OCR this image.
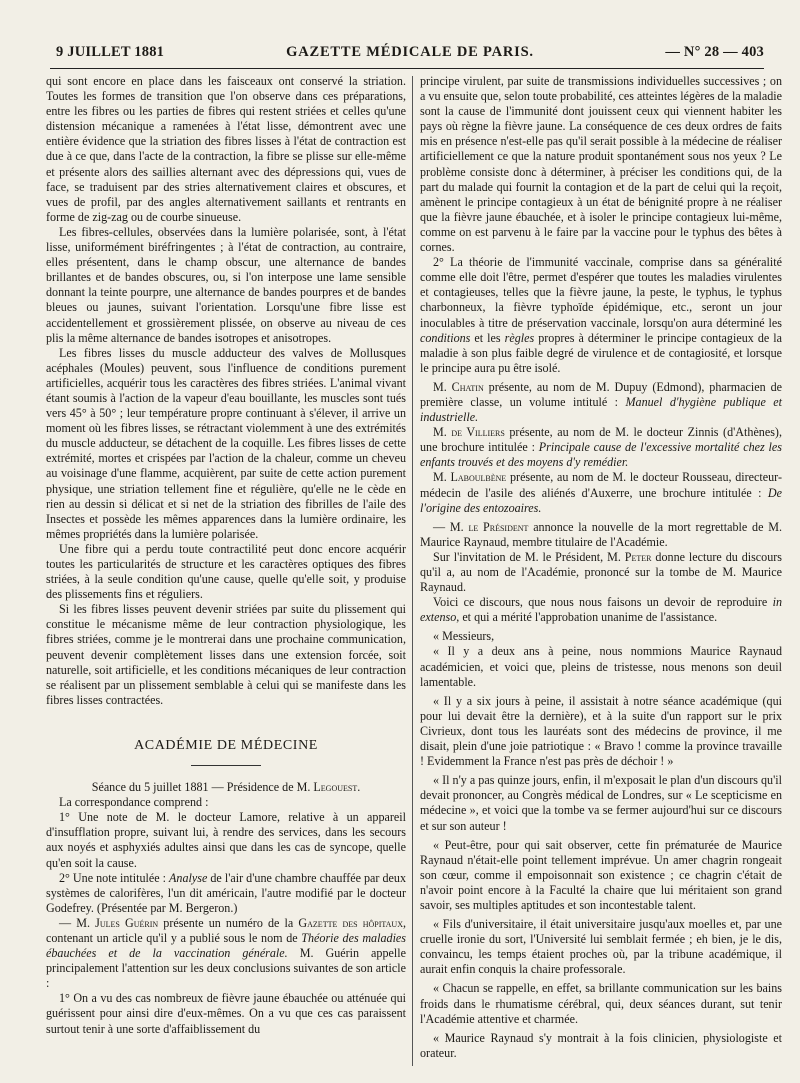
9 JUILLET 1881	GAZETTE MÉDICALE DE PARIS.	— N° 28 — 403

qui sont encore en place dans les faisceaux ont conservé la striation. Toutes les formes de transition que l'on observe dans ces préparations, entre les fibres ou les parties de fibres qui restent striées et celles qu'une distension mécanique a ramenées à l'état lisse, démontrent avec une entière évidence que la striation des fibres lisses à l'état de contraction est due à ce que, dans l'acte de la contraction, la fibre se plisse sur elle-même et présente alors des saillies alternant avec des dépressions qui, vues de face, se traduisent par des stries alternativement claires et obscures, et vues de profil, par des angles alternativement saillants et rentrants en forme de zig-zag ou de courbe sinueuse.

Les fibres-cellules, observées dans la lumière polarisée, sont, à l'état lisse, uniformément biréfringentes ; à l'état de contraction, au contraire, elles présentent, dans le champ obscur, une alternance de bandes brillantes et de bandes obscures, ou, si l'on interpose une lame sensible donnant la teinte pourpre, une alternance de bandes pourpres et de bandes bleues ou jaunes, suivant l'orientation. Lorsqu'une fibre lisse est accidentellement et grossièrement plissée, on observe au niveau de ces plis la même alternance de bandes isotropes et anisotropes.

Les fibres lisses du muscle adducteur des valves de Mollusques acéphales (Moules) peuvent, sous l'influence de conditions purement artificielles, acquérir tous les caractères des fibres striées. L'animal vivant étant soumis à l'action de la vapeur d'eau bouillante, les muscles sont tués vers 45° à 50° ; leur température propre continuant à s'élever, il arrive un moment où les fibres lisses, se rétractant violemment à une des extrémités du muscle adducteur, se détachent de la coquille. Les fibres lisses de cette extrémité, mortes et crispées par l'action de la chaleur, comme un cheveu au voisinage d'une flamme, acquièrent, par suite de cette action purement physique, une striation tellement fine et régulière, qu'elle ne le cède en rien au dessin si délicat et si net de la striation des fibrilles de l'aile des Insectes et possède les mêmes apparences dans la lumière ordinaire, les mêmes propriétés dans la lumière polarisée.

Une fibre qui a perdu toute contractilité peut donc encore acquérir toutes les particularités de structure et les caractères optiques des fibres striées, à la seule condition qu'une cause, quelle qu'elle soit, y produise des plissements fins et réguliers.

Si les fibres lisses peuvent devenir striées par suite du plissement qui constitue le mécanisme même de leur contraction physiologique, les fibres striées, comme je le montrerai dans une prochaine communication, peuvent devenir complètement lisses dans une extension forcée, soit naturelle, soit artificielle, et les conditions mécaniques de leur contraction se réalisent par un plissement semblable à celui qui se manifeste dans les fibres lisses contractées.

ACADÉMIE DE MÉDECINE

Séance du 5 juillet 1881 — Présidence de M. Legouest.

La correspondance comprend :

1° Une note de M. le docteur Lamore, relative à un appareil d'insufflation propre, suivant lui, à rendre des services, dans les secours aux noyés et asphyxiés adultes ainsi que dans les cas de syncope, quelle qu'en soit la cause.

2° Une note intitulée : Analyse de l'air d'une chambre chauffée par deux systèmes de calorifères, l'un dit américain, l'autre modifié par le docteur Godefrey. (Présentée par M. Bergeron.)

— M. Jules Guérin présente un numéro de la Gazette des hôpitaux, contenant un article qu'il y a publié sous le nom de Théorie des maladies ébauchées et de la vaccination générale. M. Guérin appelle principalement l'attention sur les deux conclusions suivantes de son article :

1° On a vu des cas nombreux de fièvre jaune ébauchée ou atténuée qui guérissent pour ainsi dire d'eux-mêmes. On a vu que ces cas paraissent surtout tenir à une sorte d'affaiblissement du

principe virulent, par suite de transmissions individuelles successives ; on a vu ensuite que, selon toute probabilité, ces atteintes légères de la maladie sont la cause de l'immunité dont jouissent ceux qui viennent habiter les pays où règne la fièvre jaune. La conséquence de ces deux ordres de faits mis en présence n'est-elle pas qu'il serait possible à la médecine de réaliser artificiellement ce que la nature produit spontanément sous nos yeux ? Le problème consiste donc à déterminer, à préciser les conditions qui, de la part du malade qui fournit la contagion et de la part de celui qui la reçoit, amènent le principe contagieux à un état de bénignité propre à ne réaliser que la fièvre jaune ébauchée, et à isoler le principe contagieux lui-même, comme on est parvenu à le faire par la vaccine pour le typhus des bêtes à cornes.

2° La théorie de l'immunité vaccinale, comprise dans sa généralité comme elle doit l'être, permet d'espérer que toutes les maladies virulentes et contagieuses, telles que la fièvre jaune, la peste, le typhus, le typhus charbonneux, la fièvre typhoïde épidémique, etc., seront un jour inoculables à titre de préservation vaccinale, lorsqu'on aura déterminé les conditions et les règles propres à déterminer le principe contagieux de la maladie à son plus faible degré de virulence et de contagiosité, et lorsque le principe aura pu être isolé.

M. Chatin présente, au nom de M. Dupuy (Edmond), pharmacien de première classe, un volume intitulé : Manuel d'hygiène publique et industrielle.

M. de Villiers présente, au nom de M. le docteur Zinnis (d'Athènes), une brochure intitulée : Principale cause de l'excessive mortalité chez les enfants trouvés et des moyens d'y remédier.

M. Laboulbène présente, au nom de M. le docteur Rousseau, directeur-médecin de l'asile des aliénés d'Auxerre, une brochure intitulée : De l'origine des entozoaires.

— M. le Président annonce la nouvelle de la mort regrettable de M. Maurice Raynaud, membre titulaire de l'Académie.

Sur l'invitation de M. le Président, M. Peter donne lecture du discours qu'il a, au nom de l'Académie, prononcé sur la tombe de M. Maurice Raynaud.

Voici ce discours, que nous nous faisons un devoir de reproduire in extenso, et qui a mérité l'approbation unanime de l'assistance.

« Messieurs,

« Il y a deux ans à peine, nous nommions Maurice Raynaud académicien, et voici que, pleins de tristesse, nous menons son deuil lamentable.

« Il y a six jours à peine, il assistait à notre séance académique (qui pour lui devait être la dernière), et à la suite d'un rapport sur le prix Civrieux, dont tous les lauréats sont des médecins de province, il me disait, plein d'une joie patriotique : « Bravo ! comme la province travaille ! Evidemment la France n'est pas près de déchoir ! »

« Il n'y a pas quinze jours, enfin, il m'exposait le plan d'un discours qu'il devait prononcer, au Congrès médical de Londres, sur « Le scepticisme en médecine », et voici que la tombe va se fermer aujourd'hui sur ce discours et sur son auteur !

« Peut-être, pour qui sait observer, cette fin prématurée de Maurice Raynaud n'était-elle point tellement imprévue. Un amer chagrin rongeait son cœur, comme il empoisonnait son existence ; ce chagrin c'était de n'avoir point encore à la Faculté la chaire que lui méritaient son grand savoir, ses multiples aptitudes et son incontestable talent.

« Fils d'universitaire, il était universitaire jusqu'aux moelles et, par une cruelle ironie du sort, l'Université lui semblait fermée ; eh bien, je le dis, convaincu, les temps étaient proches où, par la tribune académique, il aurait enfin conquis la chaire professorale.

« Chacun se rappelle, en effet, sa brillante communication sur les bains froids dans le rhumatisme cérébral, qui, deux séances durant, sut tenir l'Académie attentive et charmée.

« Maurice Raynaud s'y montrait à la fois clinicien, physiologiste et orateur.
